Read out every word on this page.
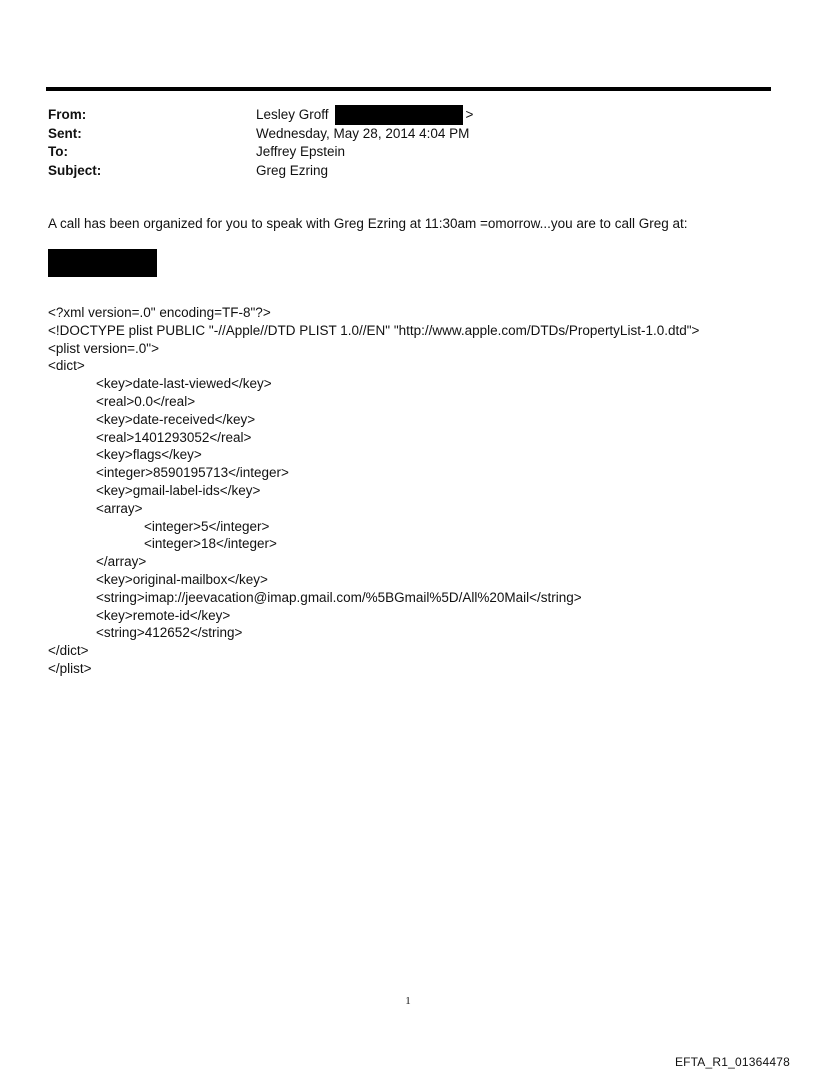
From:	Lesley Groff	>
Sent:	Wednesday, May 28, 2014 4:04 PM
To:	Jeffrey Epstein
Subject:	Greg Ezring
A call has been organized for you to speak with Greg Ezring at 11:30am =omorrow...you are to call Greg at:
<?xml version=.0" encoding=TF-8"?>
<!DOCTYPE plist PUBLIC "-//Apple//DTD PLIST 1.0//EN" "http://www.apple.com/DTDs/PropertyList-1.0.dtd">
<plist version=.0">
<dict>
<key>date-last-viewed</key>
<real>0.0</real>
<key>date-received</key>
<real>1401293052</real>
<key>flags</key>
<integer>8590195713</integer>
<key>gmail-label-ids</key>
<array>
<integer>5</integer>
<integer>18</integer>
</array>
<key>original-mailbox</key>
<string>imap://jeevacation@imap.gmail.com/%5BGmail%5D/All%20Mail</string>
<key>remote-id</key>
<string>412652</string>
</dict>
</plist>
1
EFTA_R1_01364478
